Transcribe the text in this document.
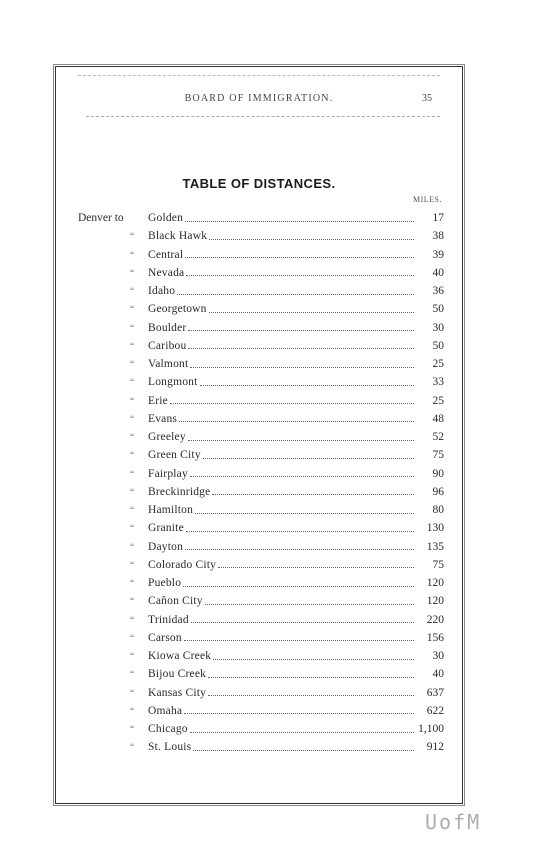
BOARD OF IMMIGRATION.	35
TABLE OF DISTANCES.
MILES.
Denver to	Golden	17
“	Black Hawk	38
“	Central	39
“	Nevada	40
“	Idaho	36
“	Georgetown	50
“	Boulder	30
“	Caribou	50
“	Valmont	25
“	Longmont	33
“	Erie	25
“	Evans	48
“	Greeley	52
“	Green City	75
“	Fairplay	90
“	Breckinridge	96
“	Hamilton	80
“	Granite	130
“	Dayton	135
“	Colorado City	75
“	Pueblo	120
“	Cañon City	120
“	Trinidad	220
“	Carson	156
“	Kiowa Creek	30
“	Bijou Creek	40
“	Kansas City	637
“	Omaha	622
“	Chicago	1,100
“	St. Louis	912
UofM
